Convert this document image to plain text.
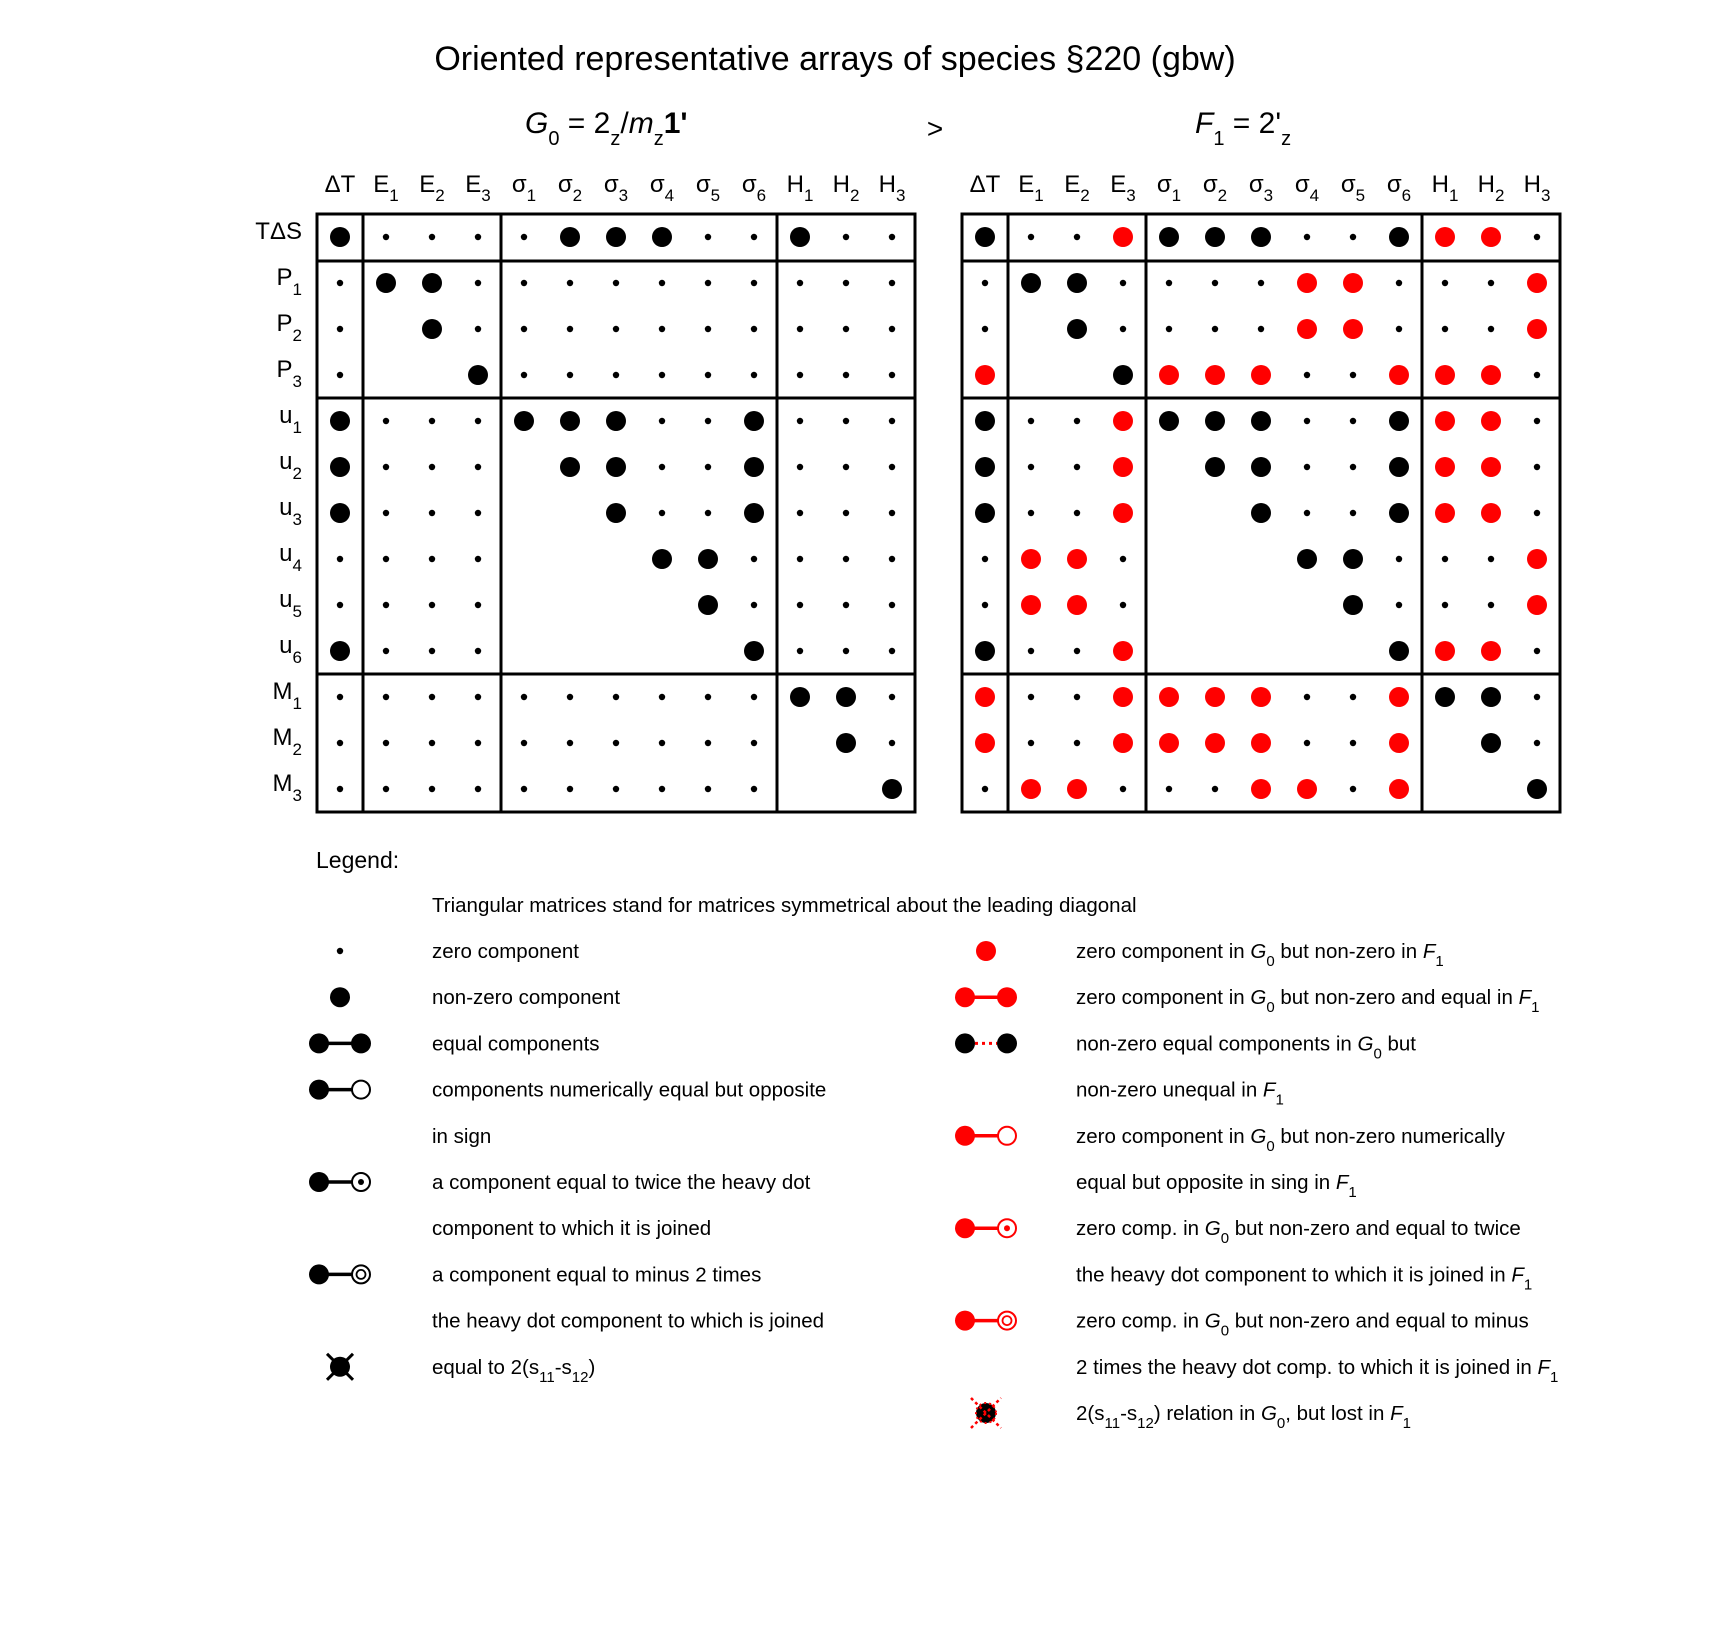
Oriented representative arrays of species §220 (gbw)
$G_0 = 2_z/m_z1'$	>	$F_1 = 2'_z$
ΔT $E_1$ $E_2$ $E_3$ $\sigma_1$ $\sigma_2$ $\sigma_3$ $\sigma_4$ $\sigma_5$ $\sigma_6$ $H_1$ $H_2$ $H_3$
TΔS
$P_1$
$P_2$
$P_3$
$u_1$
$u_2$
$u_3$
$u_4$
$u_5$
$u_6$
$M_1$
$M_2$
$M_3$
ΔT $E_1$ $E_2$ $E_3$ $\sigma_1$ $\sigma_2$ $\sigma_3$ $\sigma_4$ $\sigma_5$ $\sigma_6$ $H_1$ $H_2$ $H_3$
Legend:
Triangular matrices stand for matrices symmetrical about the leading diagonal
zero component
non-zero component
equal components
components numerically equal but opposite
in sign
a component equal to twice the heavy dot
component to which it is joined
a component equal to minus 2 times
the heavy dot component to which is joined
equal to $2(s_{11}-s_{12})$
zero component in $G_0$ but non-zero in $F_1$
zero component in $G_0$ but non-zero and equal in $F_1$
non-zero equal components in $G_0$ but
non-zero unequal in $F_1$
zero component in $G_0$ but non-zero numerically
equal but opposite in sing in $F_1$
zero comp. in $G_0$ but non-zero and equal to twice
the heavy dot component to which it is joined in $F_1$
zero comp. in $G_0$ but non-zero and equal to minus
2 times the heavy dot comp. to which it is joined in $F_1$
$2(s_{11}-s_{12})$ relation in $G_0$, but lost in $F_1$
